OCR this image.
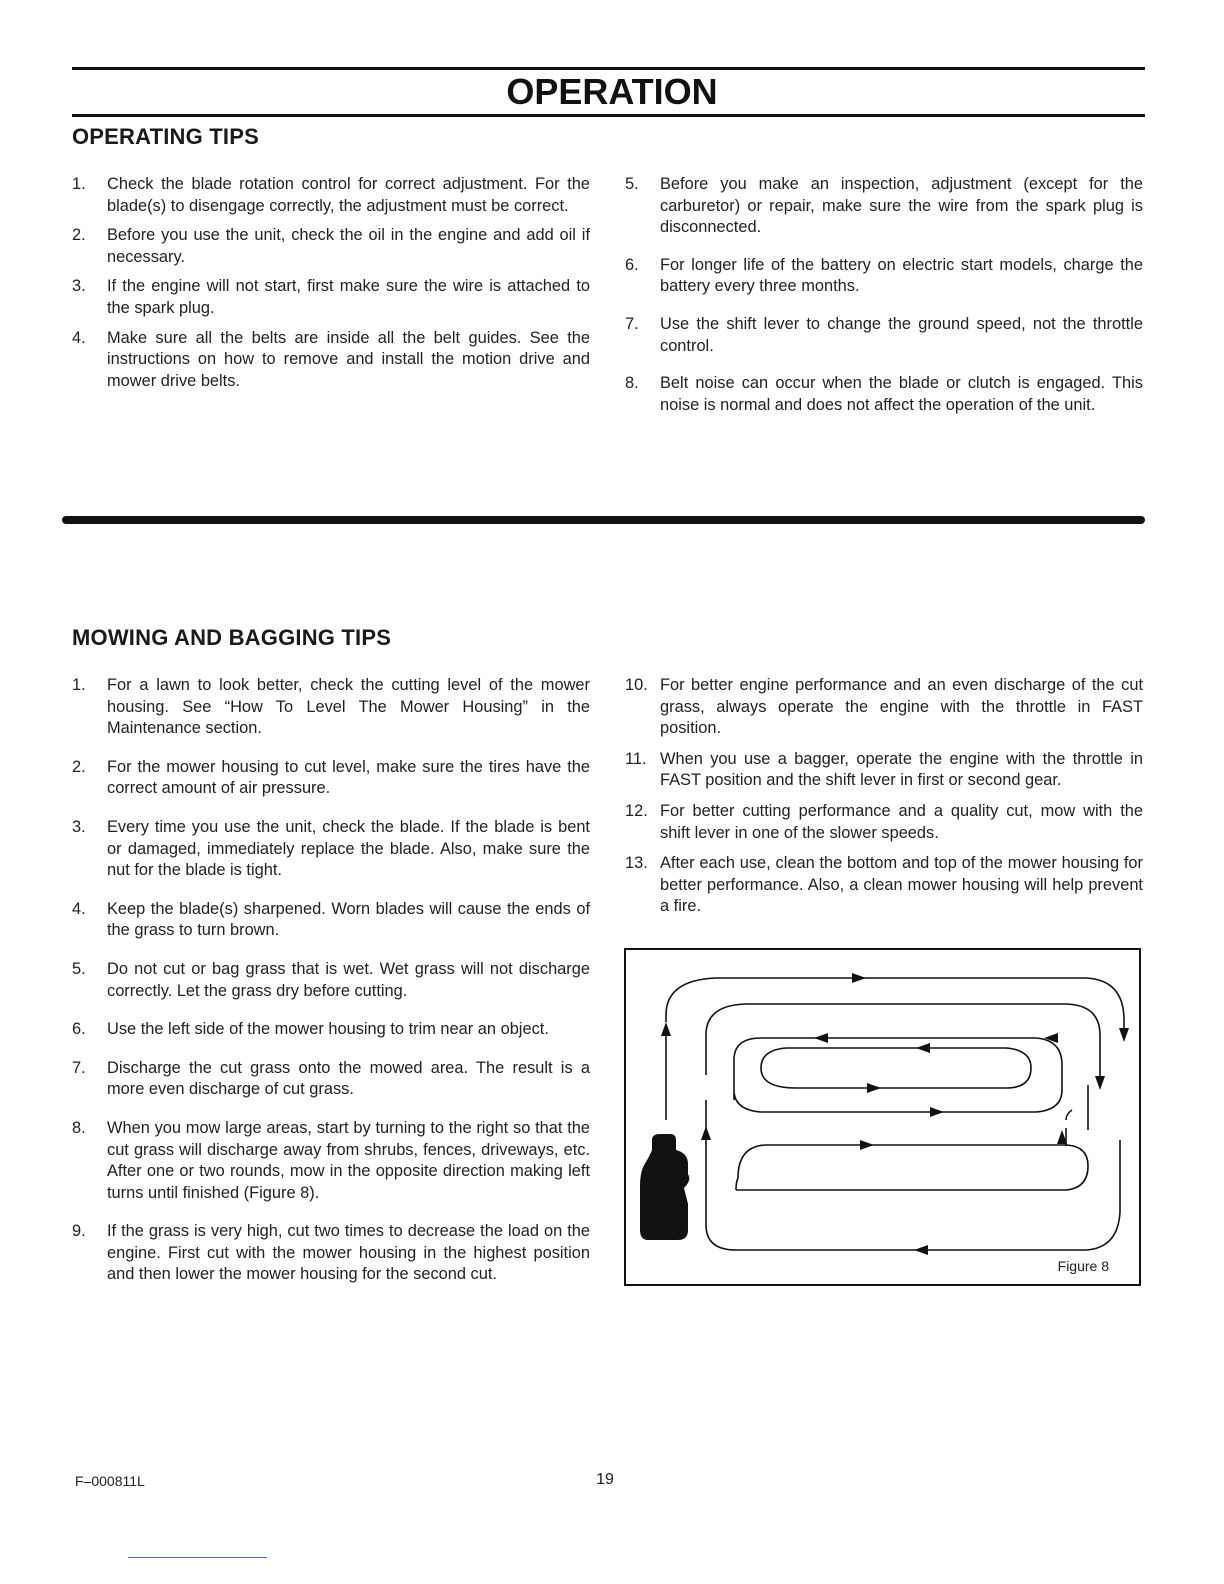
OPERATION
OPERATING TIPS
1.	Check the blade rotation control for correct adjustment. For the blade(s) to disengage correctly, the adjustment must be correct.
2.	Before you use the unit, check the oil in the engine and add oil if necessary.
3.	If the engine will not start, first make sure the wire is attached to the spark plug.
4.	Make sure all the belts are inside all the belt guides. See the instructions on how to remove and install the motion drive and mower drive belts.
5.	Before you make an inspection, adjustment (except for the carburetor) or repair, make sure the wire from the spark plug is disconnected.
6.	For longer life of the battery on electric start models, charge the battery every three months.
7.	Use the shift lever to change the ground speed, not the throttle control.
8.	Belt noise can occur when the blade or clutch is engaged. This noise is normal and does not affect the operation of the unit.
MOWING AND BAGGING TIPS
1.	For a lawn to look better, check the cutting level of the mower housing. See “How To Level The Mower Housing” in the Maintenance section.
2.	For the mower housing to cut level, make sure the tires have the correct amount of air pressure.
3.	Every time you use the unit, check the blade. If the blade is bent or damaged, immediately replace the blade. Also, make sure the nut for the blade is tight.
4.	Keep the blade(s) sharpened. Worn blades will cause the ends of the grass to turn brown.
5.	Do not cut or bag grass that is wet. Wet grass will not discharge correctly. Let the grass dry before cutting.
6.	Use the left side of the mower housing to trim near an object.
7.	Discharge the cut grass onto the mowed area. The result is a more even discharge of cut grass.
8.	When you mow large areas, start by turning to the right so that the cut grass will discharge away from shrubs, fences, driveways, etc. After one or two rounds, mow in the opposite direction making left turns until finished (Figure 8).
9.	If the grass is very high, cut two times to decrease the load on the engine. First cut with the mower housing in the highest position and then lower the mower housing for the second cut.
10. For better engine performance and an even discharge of the cut grass, always operate the engine with the throttle in FAST position.
11. When you use a bagger, operate the engine with the throttle in FAST position and the shift lever in first or second gear.
12. For better cutting performance and a quality cut, mow with the shift lever in one of the slower speeds.
13. After each use, clean the bottom and top of the mower housing for better performance. Also, a clean mower housing will help prevent a fire.
Figure 8
F–000811L	19
